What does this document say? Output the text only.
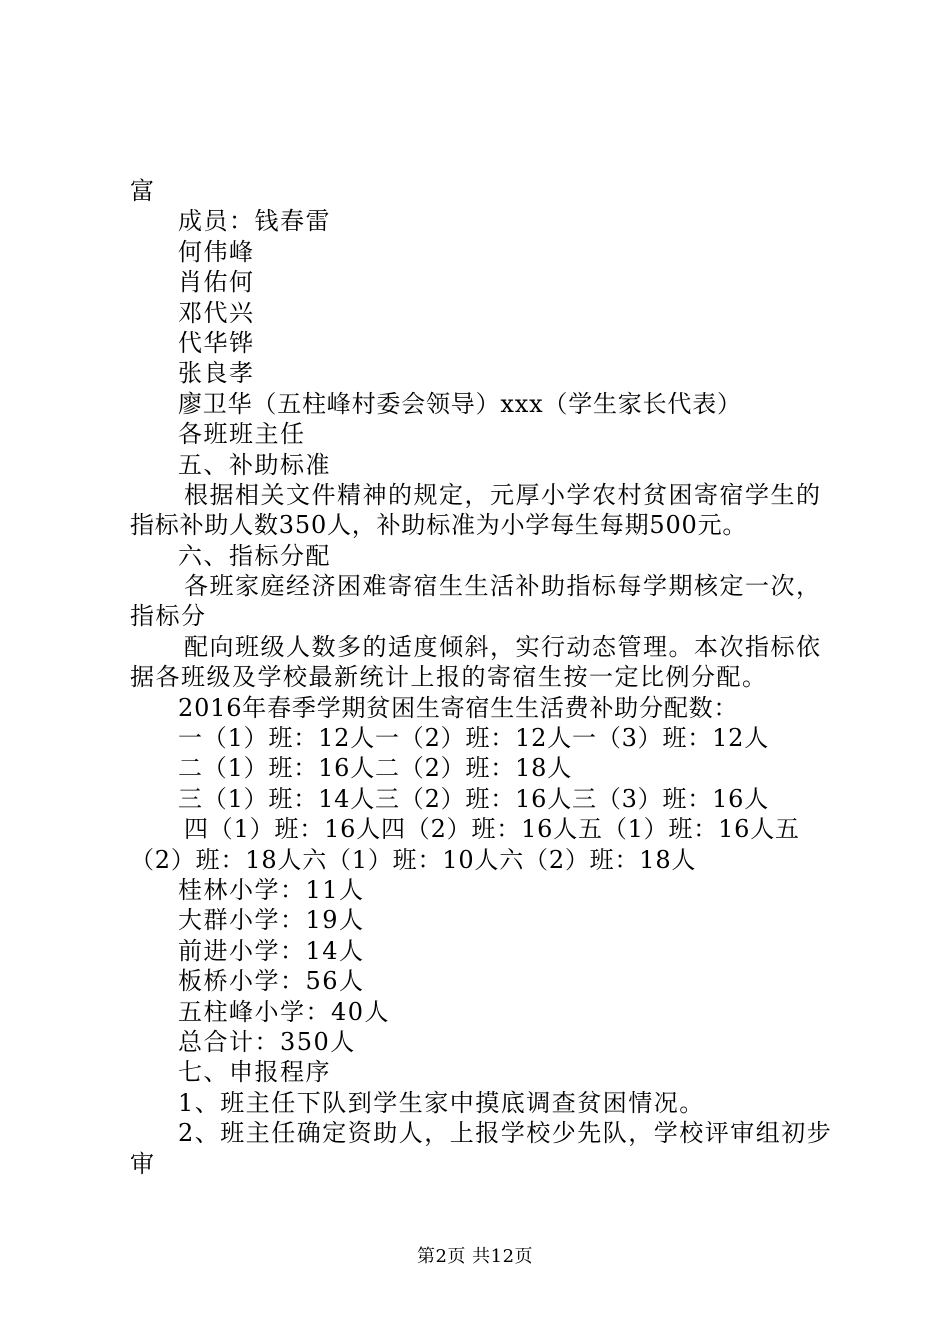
富
成员：钱春雷
何伟峰
肖佑何
邓代兴
代华铧
张良孝
廖卫华（五柱峰村委会领导）xxx（学生家长代表）
各班班主任
五、补助标准
根据相关文件精神的规定，元厚小学农村贫困寄宿学生的
指标补助人数350人，补助标准为小学每生每期500元。
六、指标分配
各班家庭经济困难寄宿生生活补助指标每学期核定一次，
指标分
配向班级人数多的适度倾斜，实行动态管理。本次指标依
据各班级及学校最新统计上报的寄宿生按一定比例分配。
2016年春季学期贫困生寄宿生生活费补助分配数：
一（1）班：12人一（2）班：12人一（3）班：12人
二（1）班：16人二（2）班：18人
三（1）班：14人三（2）班：16人三（3）班：16人
四（1）班：16人四（2）班：16人五（1）班：16人五
（2）班：18人六（1）班：10人六（2）班：18人
桂林小学：11人
大群小学：19人
前进小学：14人
板桥小学：56人
五柱峰小学：40人
总合计：350人
七、申报程序
1、班主任下队到学生家中摸底调查贫困情况。
2、班主任确定资助人，上报学校少先队，学校评审组初步
审
第2页 共12页
